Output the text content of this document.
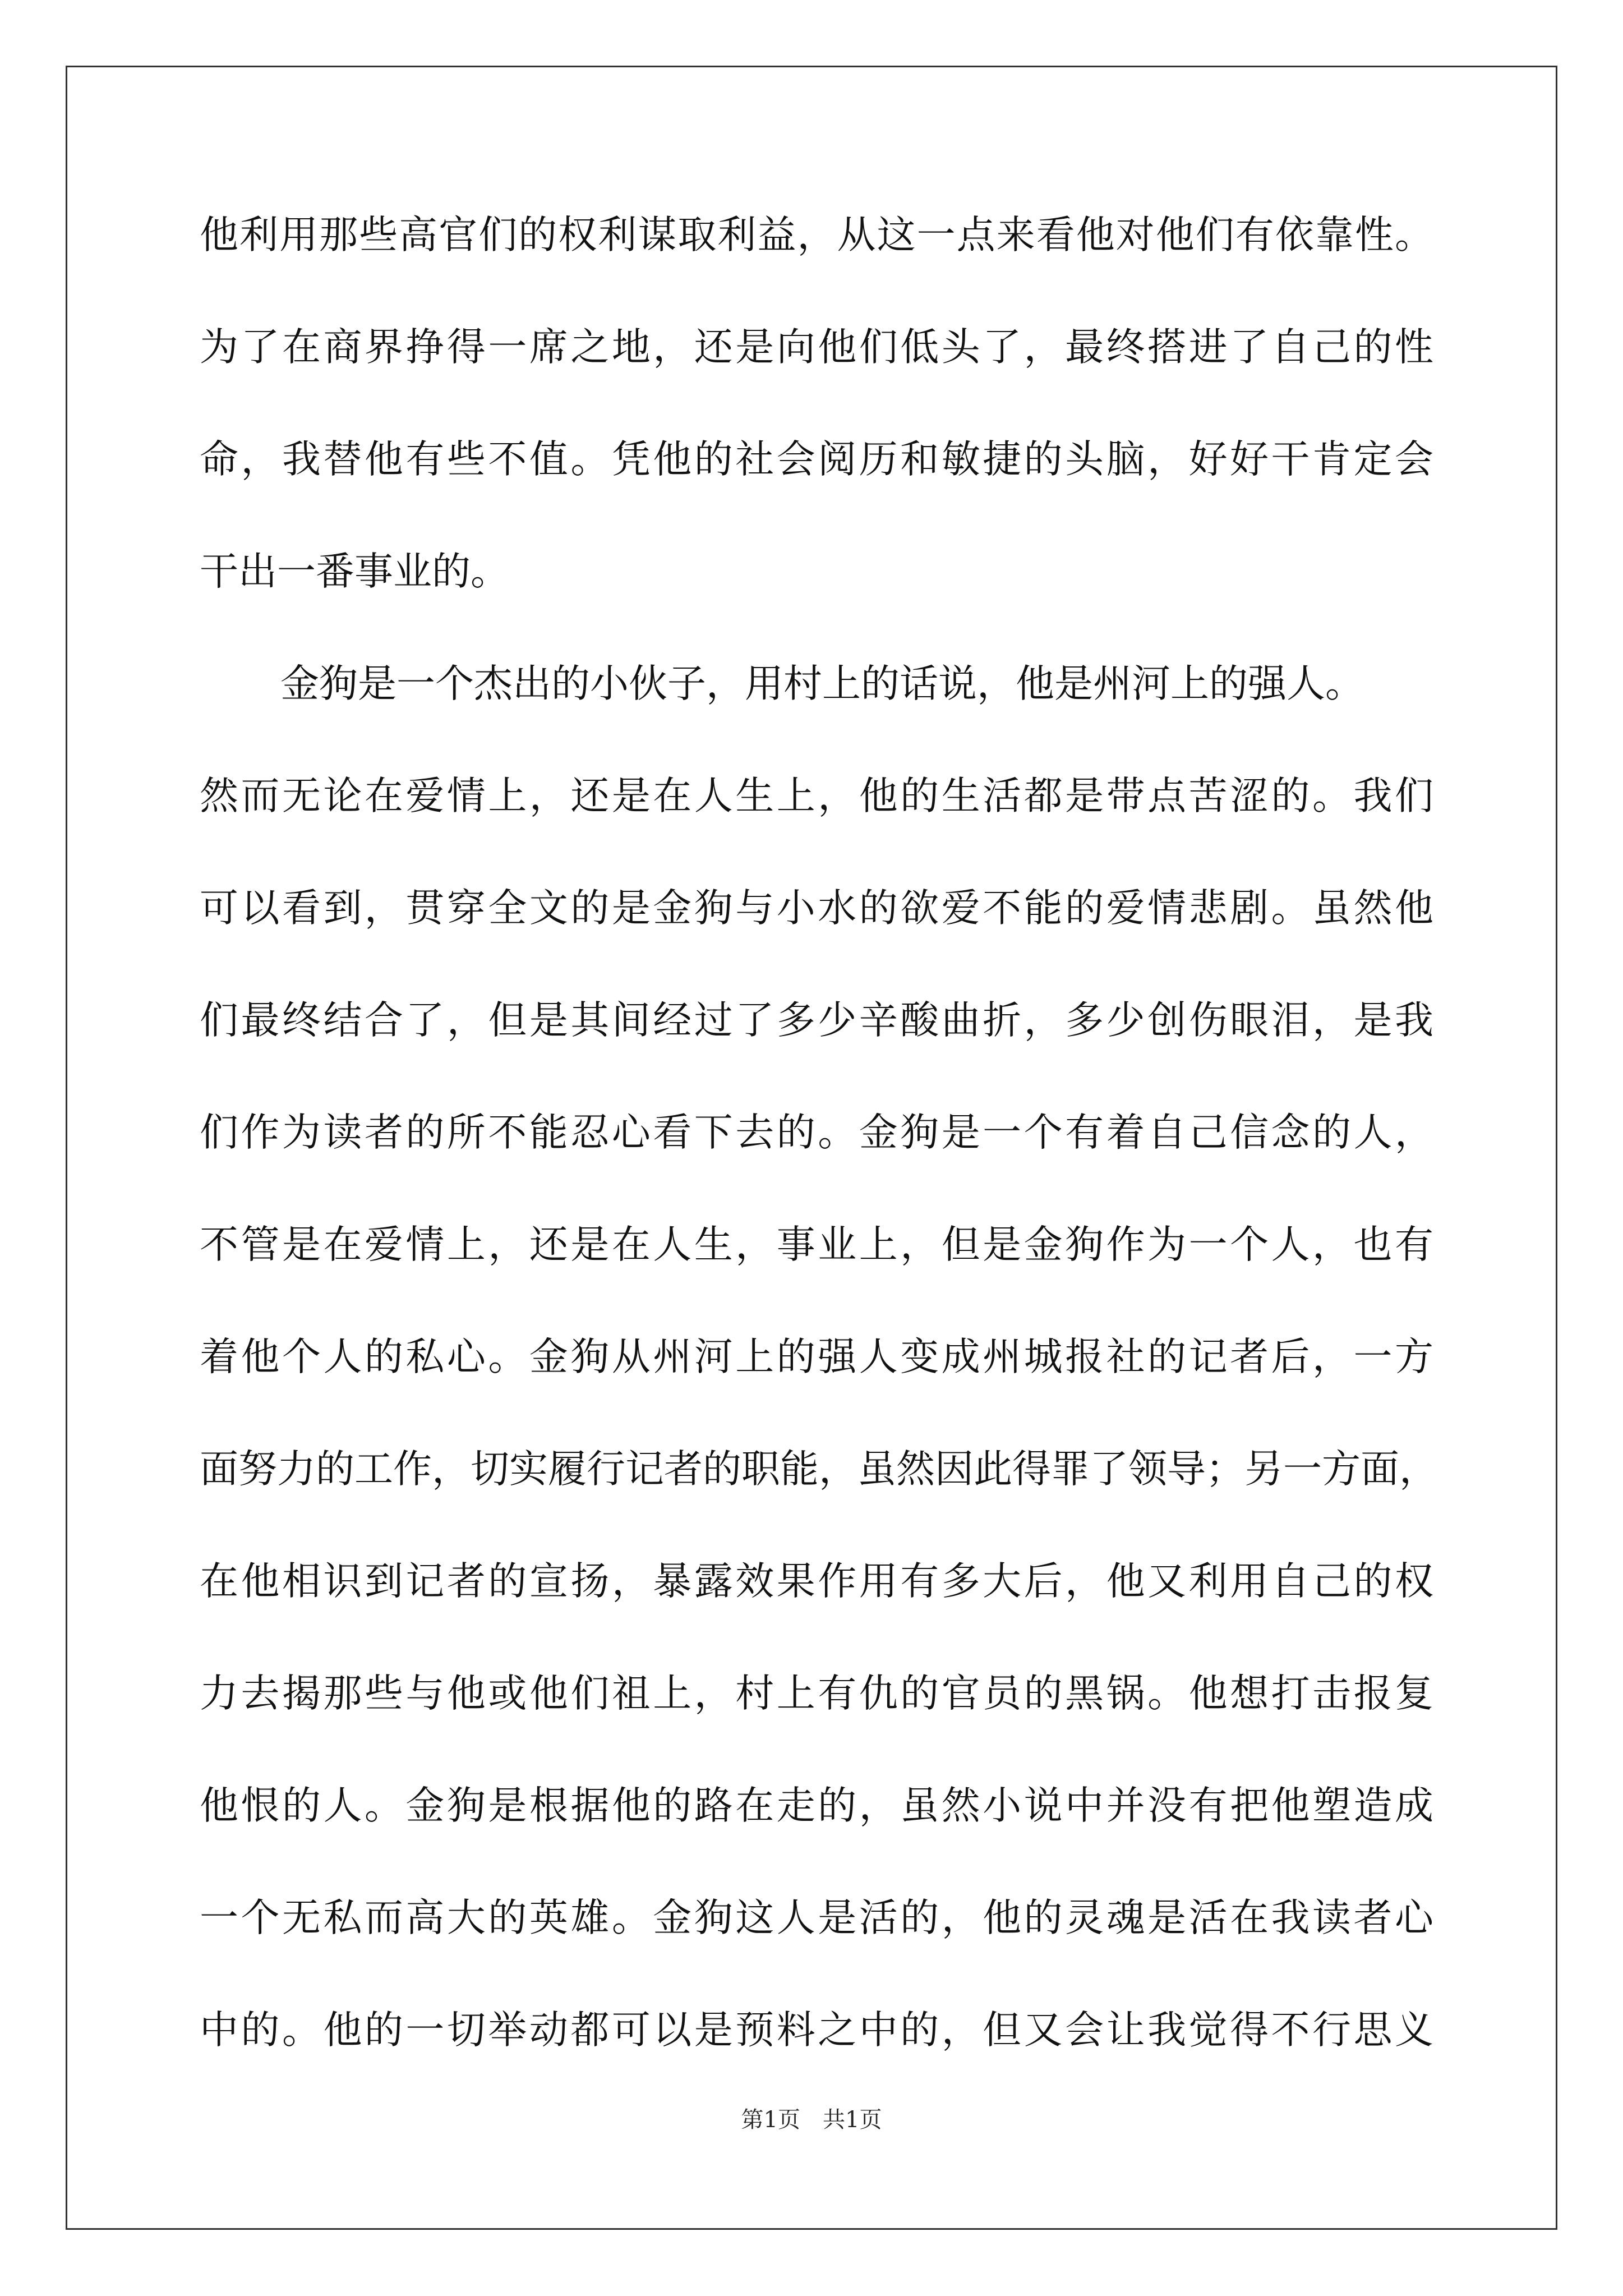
他利用那些高官们的权利谋取利益，从这一点来看他对他们有依靠性。
为了在商界挣得一席之地，还是向他们低头了，最终搭进了自己的性
命，我替他有些不值。凭他的社会阅历和敏捷的头脑，好好干肯定会
干出一番事业的。
金狗是一个杰出的小伙子，用村上的话说，他是州河上的强人。
然而无论在爱情上，还是在人生上，他的生活都是带点苦涩的。我们
可以看到，贯穿全文的是金狗与小水的欲爱不能的爱情悲剧。虽然他
们最终结合了，但是其间经过了多少辛酸曲折，多少创伤眼泪，是我
们作为读者的所不能忍心看下去的。金狗是一个有着自己信念的人，
不管是在爱情上，还是在人生，事业上，但是金狗作为一个人，也有
着他个人的私心。金狗从州河上的强人变成州城报社的记者后，一方
面努力的工作，切实履行记者的职能，虽然因此得罪了领导；另一方面，
在他相识到记者的宣扬，暴露效果作用有多大后，他又利用自己的权
力去揭那些与他或他们祖上，村上有仇的官员的黑锅。他想打击报复
他恨的人。金狗是根据他的路在走的，虽然小说中并没有把他塑造成
一个无私而高大的英雄。金狗这人是活的，他的灵魂是活在我读者心
中的。他的一切举动都可以是预料之中的，但又会让我觉得不行思义
第1页 共1页
